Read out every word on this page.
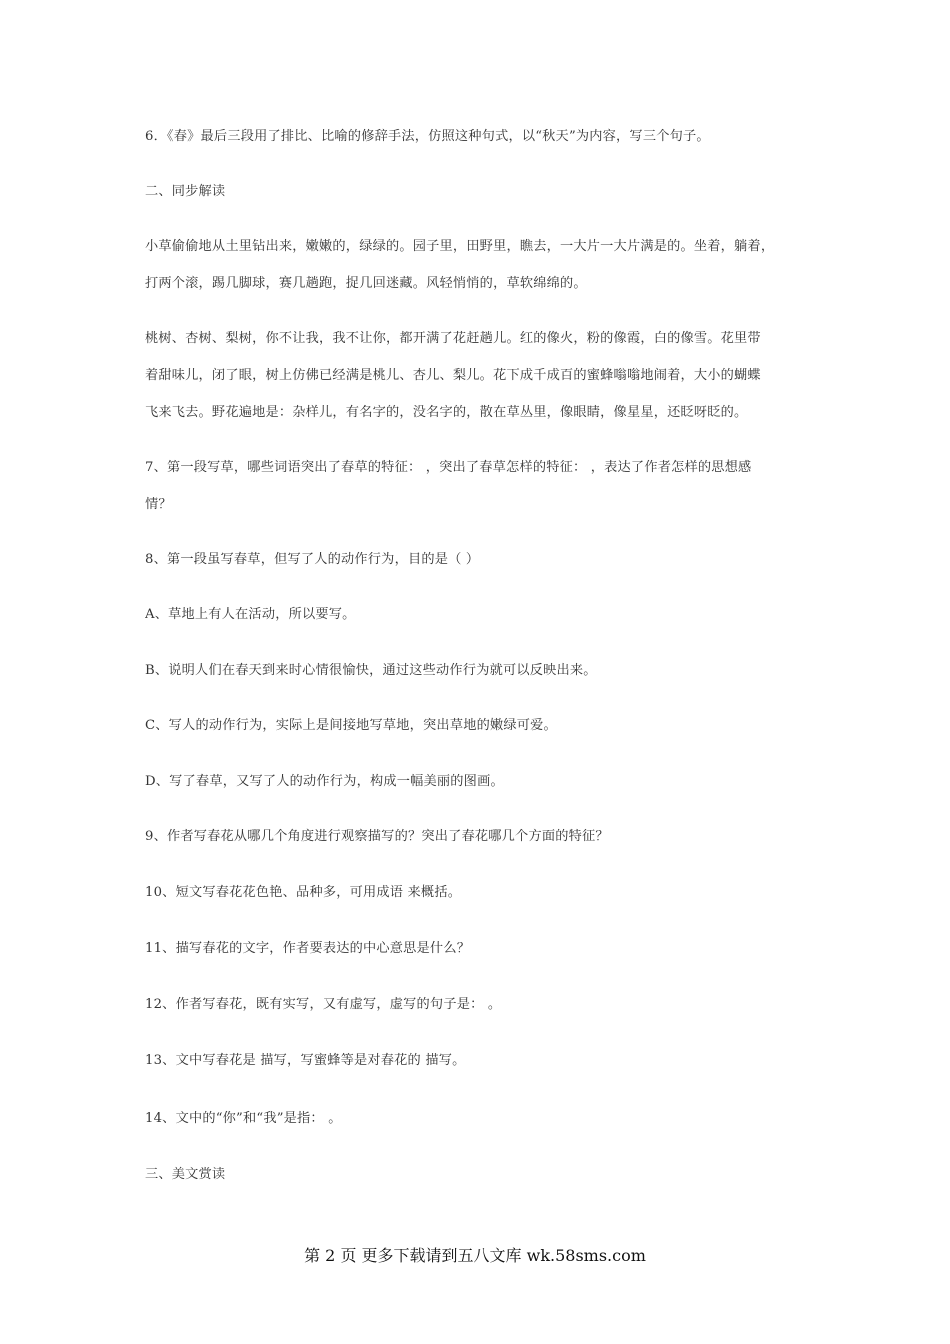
6．《春》最后三段用了排比、比喻的修辞手法，仿照这种句式，以“秋天”为内容，写三个句子。
二、同步解读
小草偷偷地从土里钻出来，嫩嫩的，绿绿的。园子里，田野里，瞧去，一大片一大片满是的。坐着，躺着，
打两个滚，踢几脚球，赛几趟跑，捉几回迷藏。风轻悄悄的，草软绵绵的。
桃树、杏树、梨树，你不让我，我不让你，都开满了花赶趟儿。红的像火，粉的像霞，白的像雪。花里带
着甜味儿，闭了眼，树上仿佛已经满是桃儿、杏儿、梨儿。花下成千成百的蜜蜂嗡嗡地闹着，大小的蝴蝶
飞来飞去。野花遍地是：杂样儿，有名字的，没名字的，散在草丛里，像眼睛，像星星，还眨呀眨的。
7、第一段写草，哪些词语突出了春草的特征： ，突出了春草怎样的特征： ，表达了作者怎样的思想感
情？
8、第一段虽写春草，但写了人的动作行为，目的是（ ）
A、草地上有人在活动，所以要写。
B、说明人们在春天到来时心情很愉快，通过这些动作行为就可以反映出来。
C、写人的动作行为，实际上是间接地写草地，突出草地的嫩绿可爱。
D、写了春草，又写了人的动作行为，构成一幅美丽的图画。
9、作者写春花从哪几个角度进行观察描写的？突出了春花哪几个方面的特征？
10、短文写春花花色艳、品种多，可用成语 来概括。
11、描写春花的文字，作者要表达的中心意思是什么？
12、作者写春花，既有实写，又有虚写，虚写的句子是： 。
13、文中写春花是 描写，写蜜蜂等是对春花的 描写。
14、文中的“你”和“我”是指： 。
三、美文赏读
第 2 页 更多下载请到五八文库 wk.58sms.com
